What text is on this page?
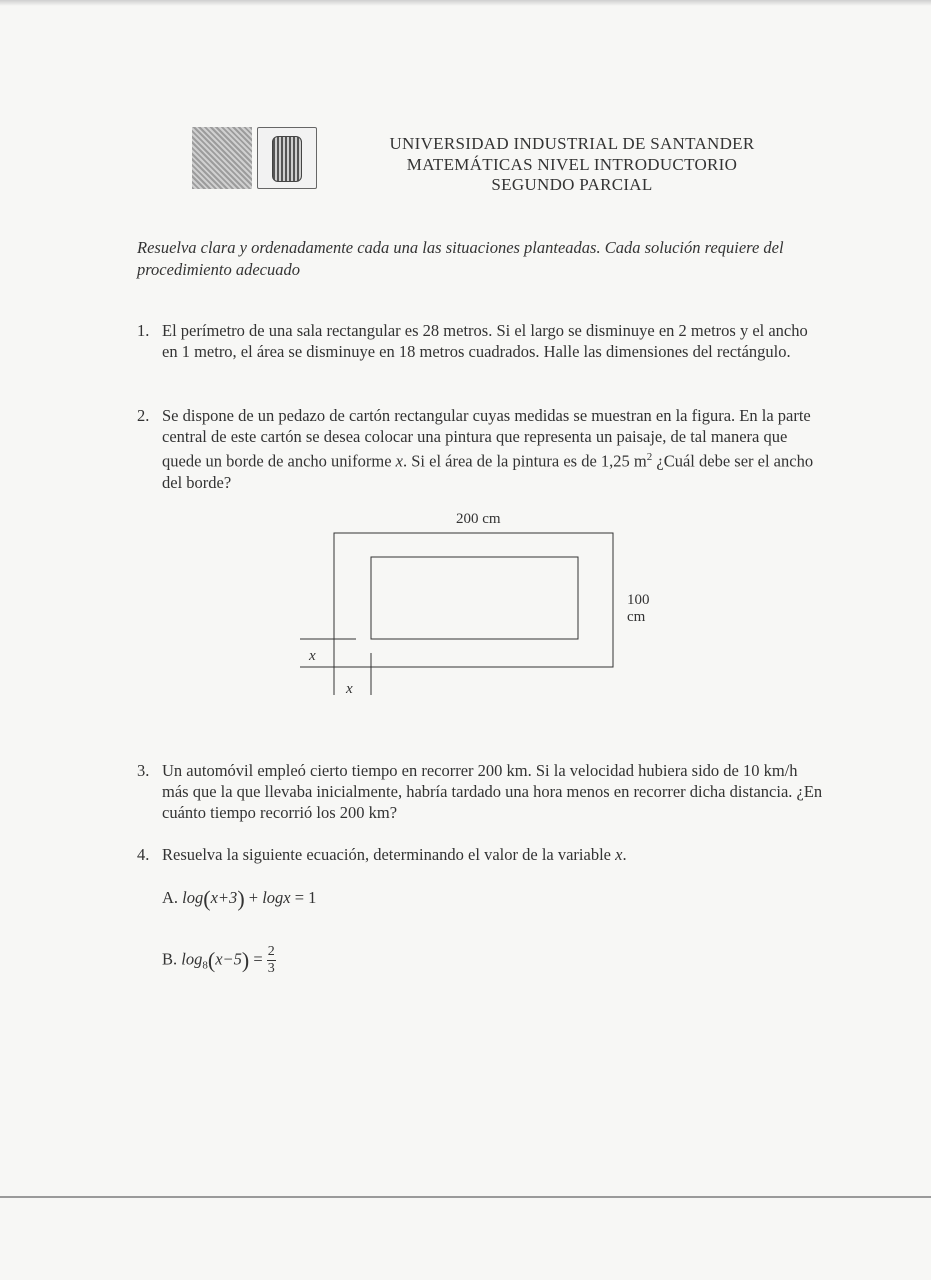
UNIVERSIDAD INDUSTRIAL DE SANTANDER
MATEMÁTICAS NIVEL INTRODUCTORIO
SEGUNDO PARCIAL
Resuelva clara y ordenadamente cada una las situaciones planteadas. Cada solución requiere del procedimiento adecuado
1. El perímetro de una sala rectangular es 28 metros. Si el largo se disminuye en 2 metros y el ancho en 1 metro, el área se disminuye en 18 metros cuadrados. Halle las dimensiones del rectángulo.
2. Se dispone de un pedazo de cartón rectangular cuyas medidas se muestran en la figura. En la parte central de este cartón se desea colocar una pintura que representa un paisaje, de tal manera que quede un borde de ancho uniforme x. Si el área de la pintura es de 1,25 $m^2$ ¿Cuál debe ser el ancho del borde?
200 cm
100 cm
x
x
3. Un automóvil empleó cierto tiempo en recorrer 200 km. Si la velocidad hubiera sido de 10 km/h más que la que llevaba inicialmente, habría tardado una hora menos en recorrer dicha distancia. ¿En cuánto tiempo recorrió los 200 km?
4. Resuelva la siguiente ecuación, determinando el valor de la variable x.
A. log(x+3) + logx = 1
B. $\log_8(x-5) = \frac{2}{3}$
